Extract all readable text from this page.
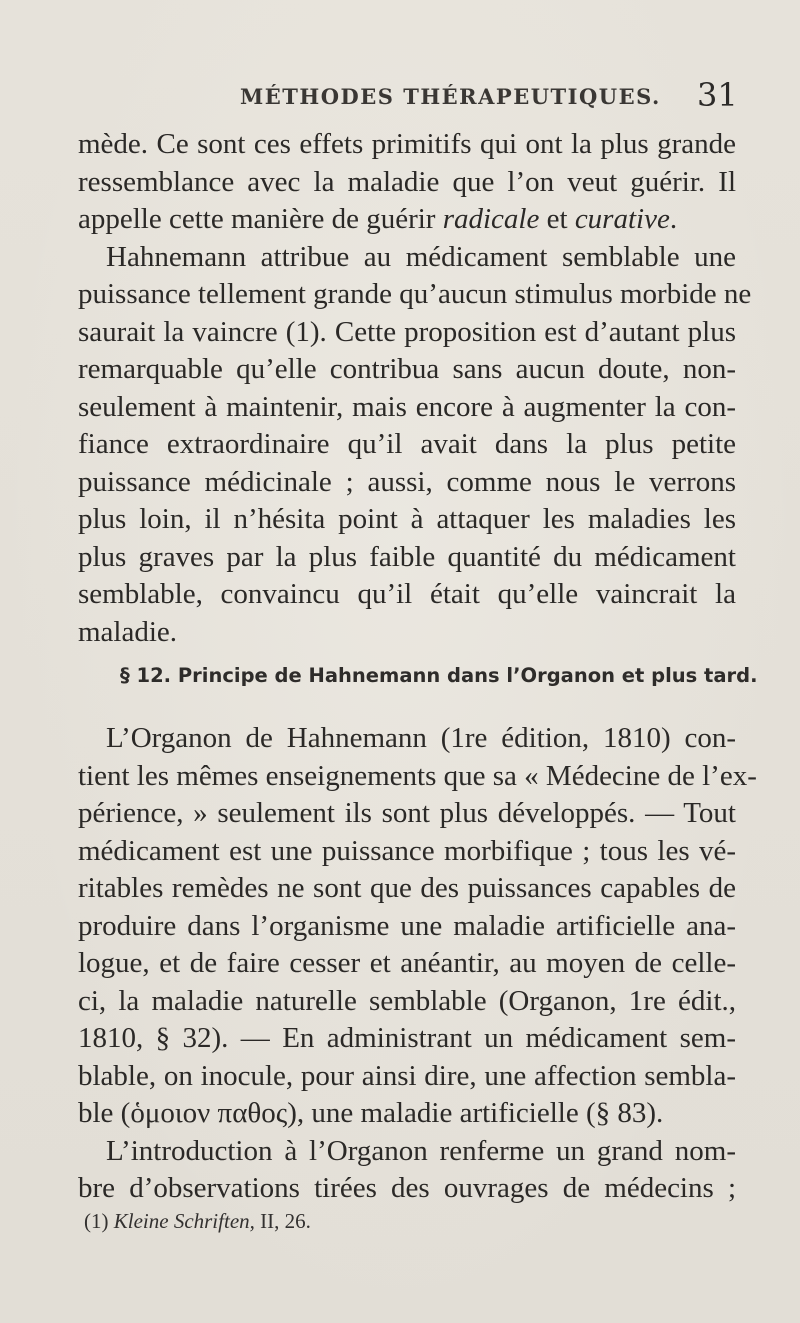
MÉTHODES THÉRAPEUTIQUES. 31
mède. Ce sont ces effets primitifs qui ont la plus grande
ressemblance avec la maladie que l’on veut guérir. Il
appelle cette manière de guérir radicale et curative.
Hahnemann attribue au médicament semblable une
puissance tellement grande qu’aucun stimulus morbide ne
saurait la vaincre (1). Cette proposition est d’autant plus
remarquable qu’elle contribua sans aucun doute, non-
seulement à maintenir, mais encore à augmenter la con-
fiance extraordinaire qu’il avait dans la plus petite
puissance médicinale ; aussi, comme nous le verrons
plus loin, il n’hésita point à attaquer les maladies les
plus graves par la plus faible quantité du médicament
semblable, convaincu qu’il était qu’elle vaincrait la
maladie.
§ 12. Principe de Hahnemann dans l’Organon et plus tard.
L’Organon de Hahnemann (1re édition, 1810) con-
tient les mêmes enseignements que sa « Médecine de l’ex-
périence, » seulement ils sont plus développés. — Tout
médicament est une puissance morbifique ; tous les vé-
ritables remèdes ne sont que des puissances capables de
produire dans l’organisme une maladie artificielle ana-
logue, et de faire cesser et anéantir, au moyen de celle-
ci, la maladie naturelle semblable (Organon, 1re édit.,
1810, § 32). — En administrant un médicament sem-
blable, on inocule, pour ainsi dire, une affection sembla-
ble (ὁμοιον παθος), une maladie artificielle (§ 83).
L’introduction à l’Organon renferme un grand nom-
bre d’observations tirées des ouvrages de médecins ;
(1) Kleine Schriften, II, 26.
